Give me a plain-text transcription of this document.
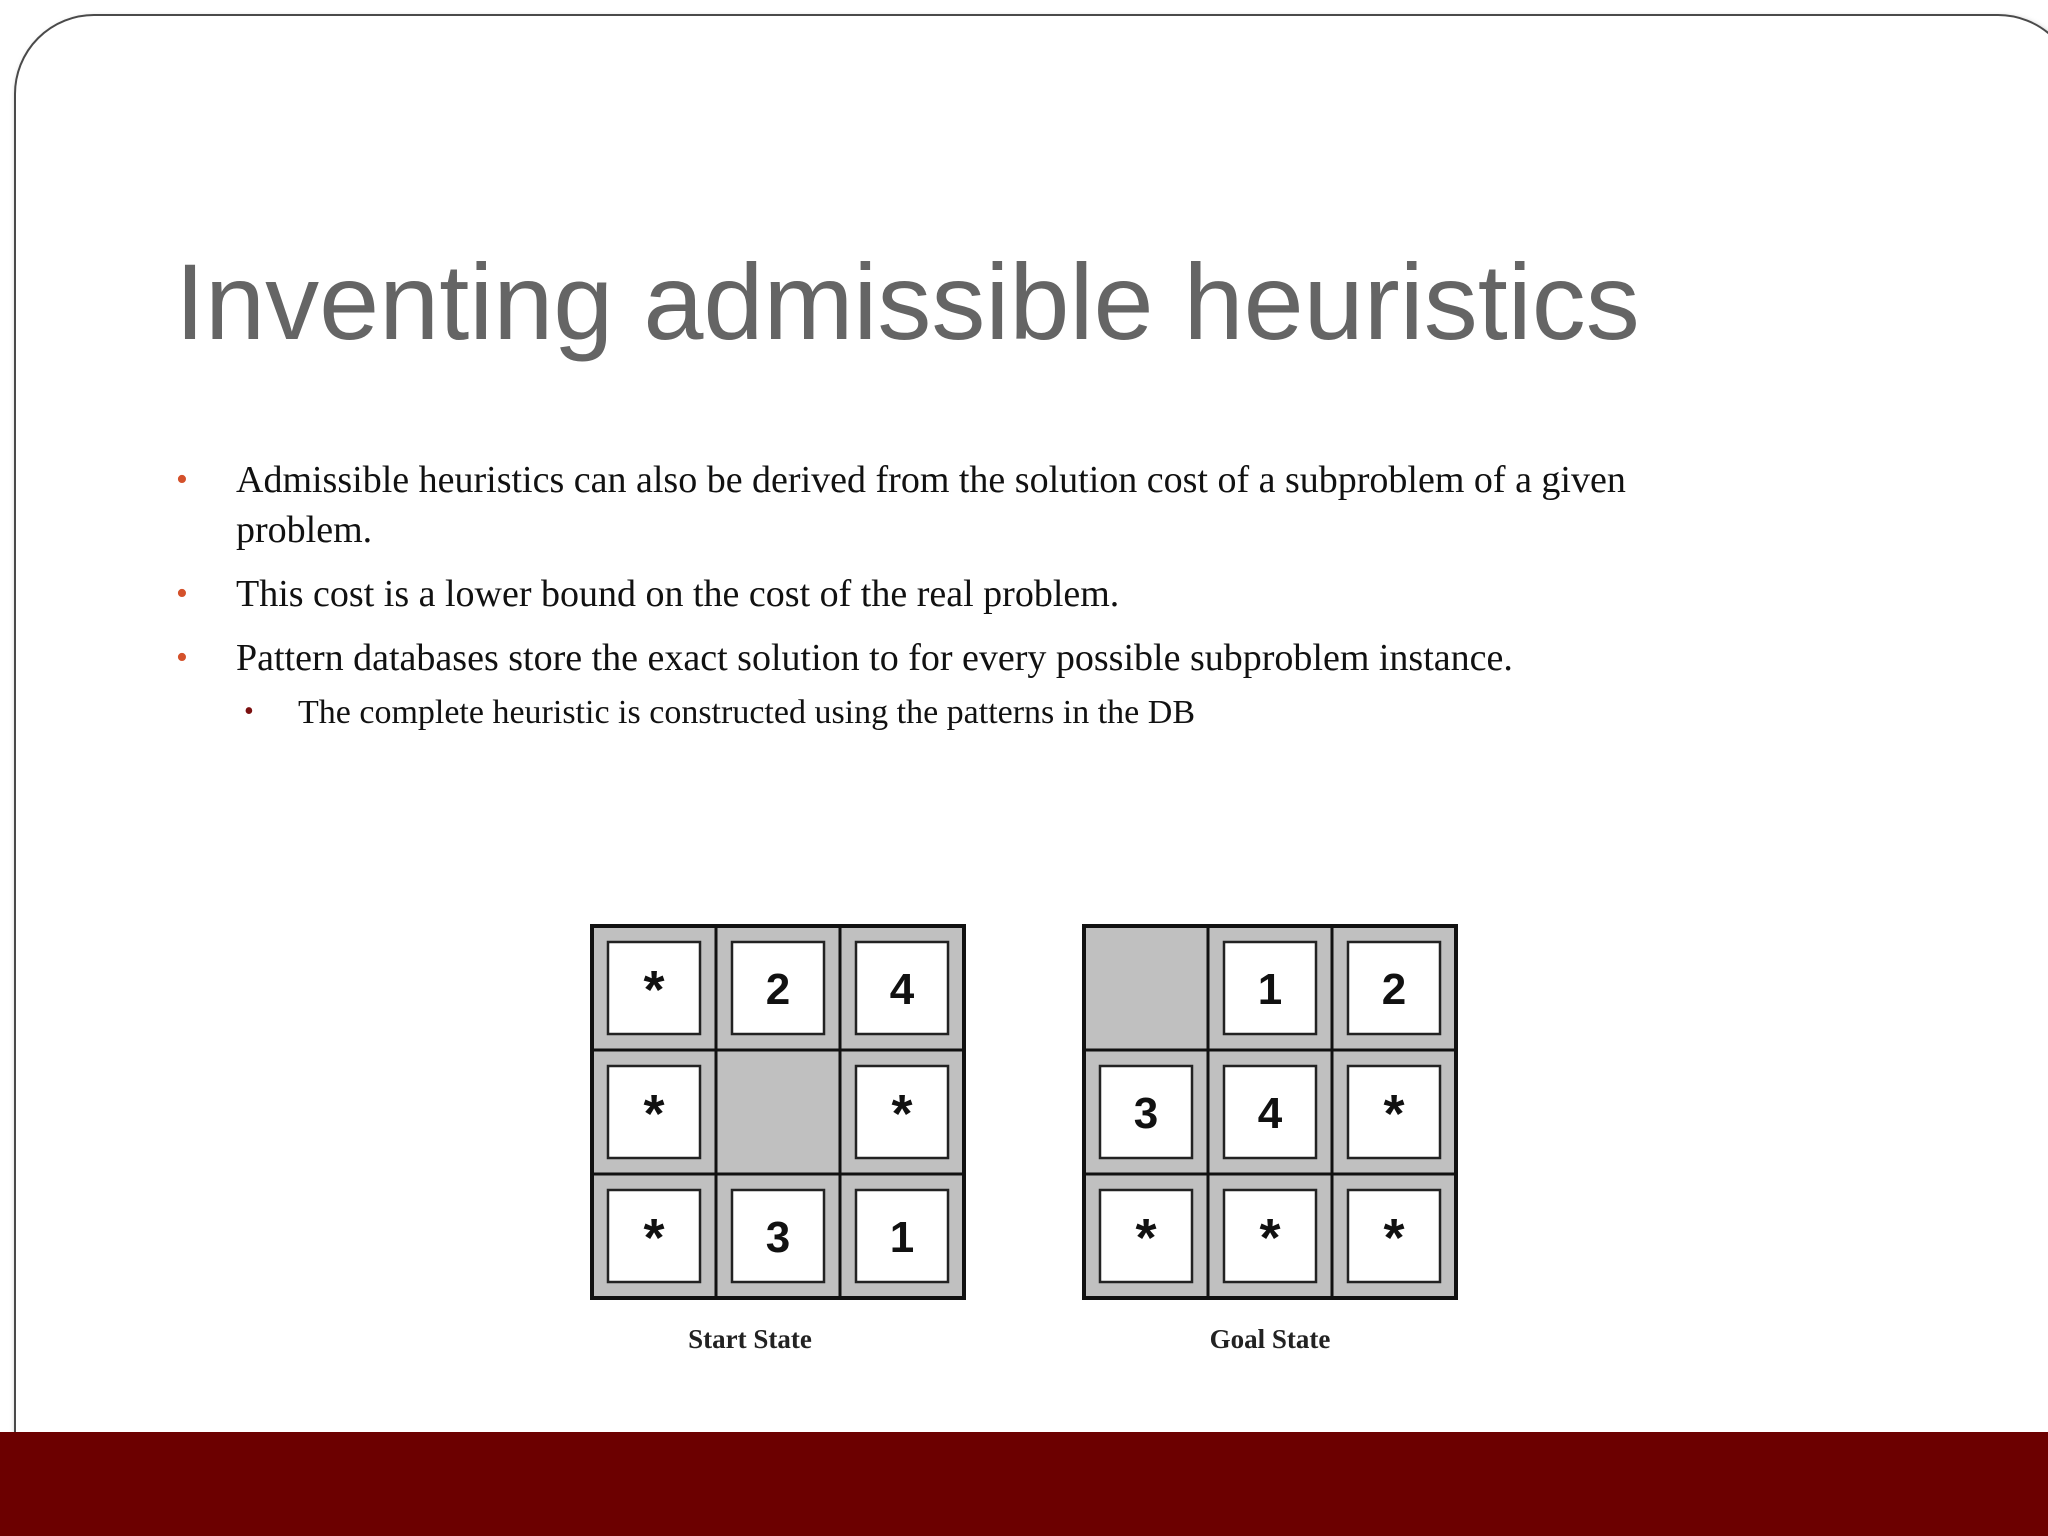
Inventing admissible heuristics
• Admissible heuristics can also be derived from the solution cost of a subproblem of a given problem.
• This cost is a lower bound on the cost of the real problem.
• Pattern databases store the exact solution to for every possible subproblem instance.
• The complete heuristic is constructed using the patterns in the DB
* 2 4
*	*
* 3 1
1 2
3 4 *
* * *
Start State	Goal State
